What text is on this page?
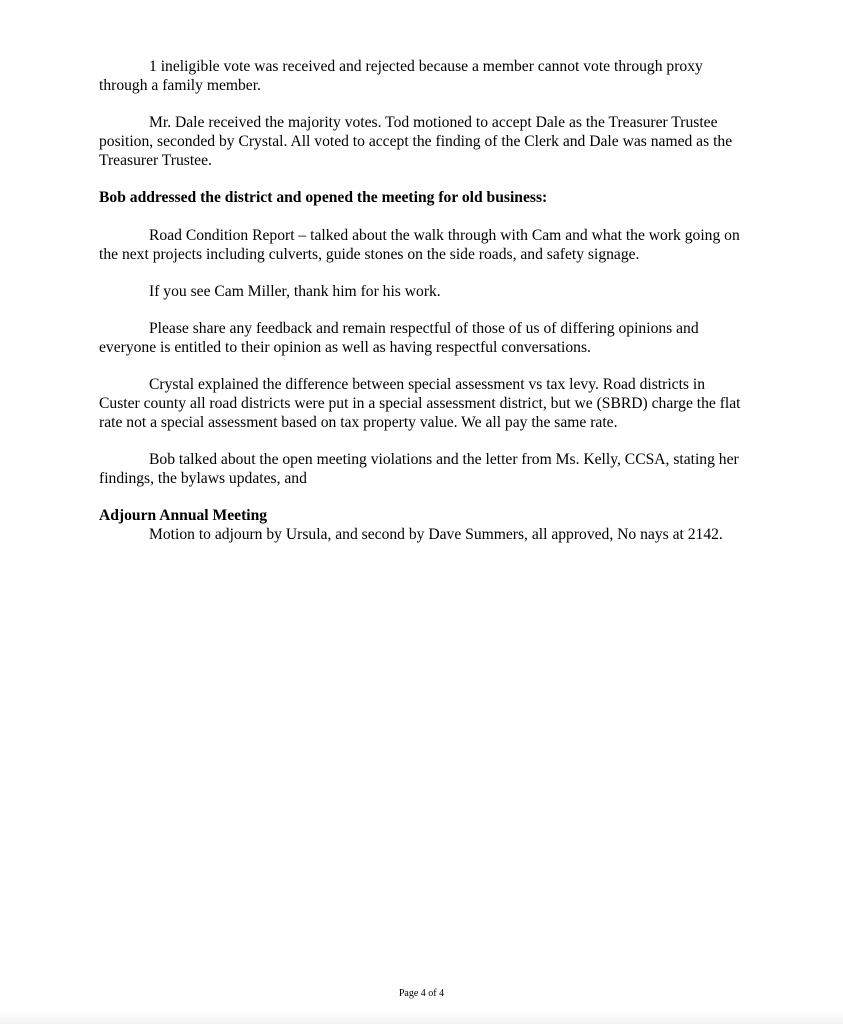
1 ineligible vote was received and rejected because a member cannot vote through proxy through a family member.

Mr. Dale received the majority votes. Tod motioned to accept Dale as the Treasurer Trustee position, seconded by Crystal. All voted to accept the finding of the Clerk and Dale was named as the Treasurer Trustee.

Bob addressed the district and opened the meeting for old business:

Road Condition Report – talked about the walk through with Cam and what the work going on the next projects including culverts, guide stones on the side roads, and safety signage.

If you see Cam Miller, thank him for his work.

Please share any feedback and remain respectful of those of us of differing opinions and everyone is entitled to their opinion as well as having respectful conversations.

Crystal explained the difference between special assessment vs tax levy. Road districts in Custer county all road districts were put in a special assessment district, but we (SBRD) charge the flat rate not a special assessment based on tax property value. We all pay the same rate.

Bob talked about the open meeting violations and the letter from Ms. Kelly, CCSA, stating her findings, the bylaws updates, and

Adjourn Annual Meeting

Motion to adjourn by Ursula, and second by Dave Summers, all approved, No nays at 2142.

Page 4 of 4
